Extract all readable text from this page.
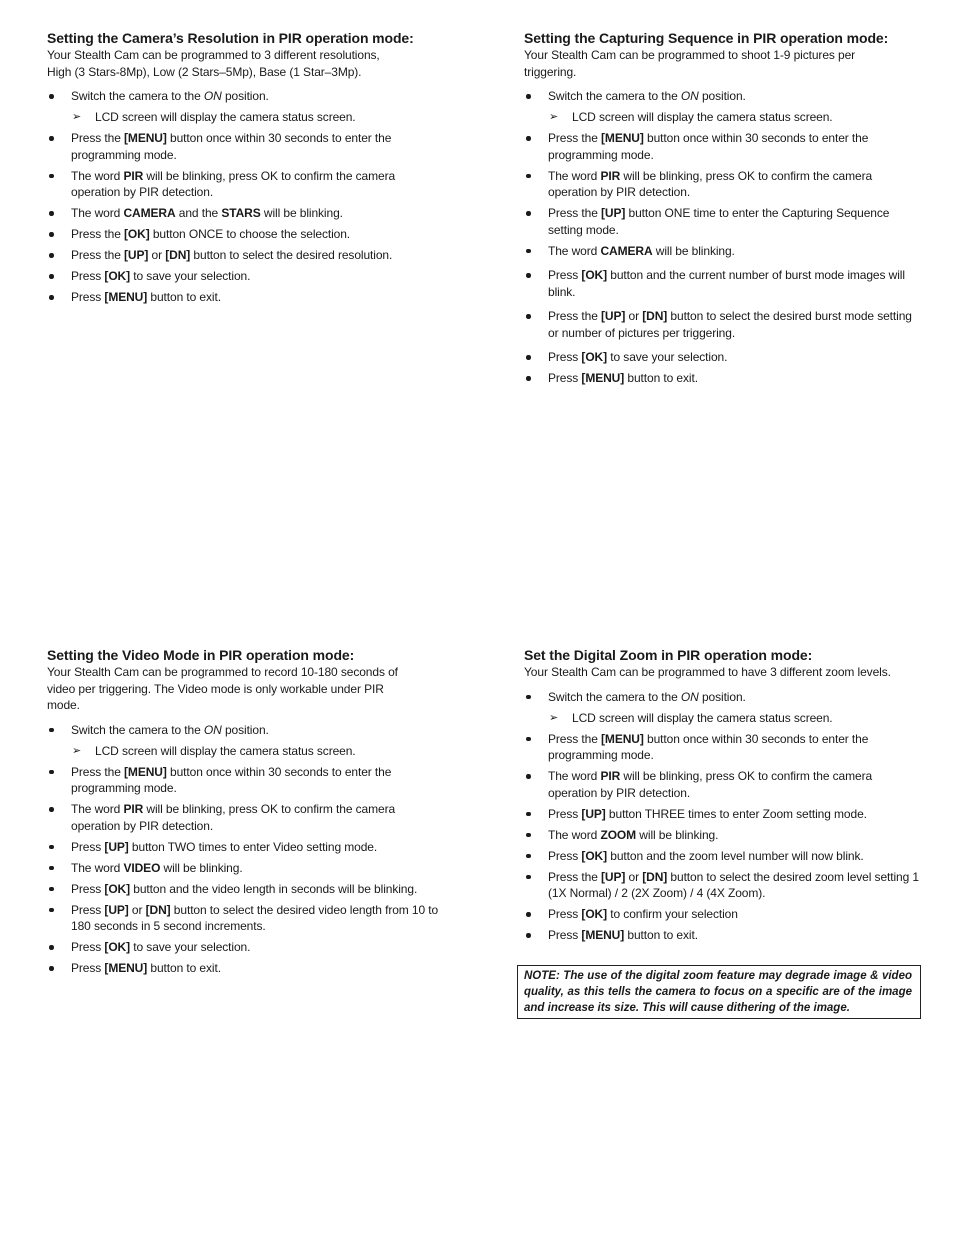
Setting the Camera’s Resolution in PIR operation mode:

Your Stealth Cam can be programmed to 3 different resolutions,
High (3 Stars-8Mp), Low (2 Stars–5Mp), Base (1 Star–3Mp).

Switch the camera to the ON position.
➢ LCD screen will display the camera status screen.
Press the [MENU] button once within 30 seconds to enter the programming mode.
The word PIR will be blinking, press OK to confirm the camera operation by PIR detection.
The word CAMERA and the STARS will be blinking.
Press the [OK] button ONCE to choose the selection.
Press the [UP] or [DN] button to select the desired resolution.
Press [OK] to save your selection.
Press [MENU] button to exit.
Setting the Capturing Sequence in PIR operation mode:

Your Stealth Cam can be programmed to shoot 1-9 pictures per
triggering.

Switch the camera to the ON position.
➢ LCD screen will display the camera status screen.
Press the [MENU] button once within 30 seconds to enter the programming mode.
The word PIR will be blinking, press OK to confirm the camera operation by PIR detection.
Press the [UP] button ONE time to enter the Capturing Sequence setting mode.
The word CAMERA will be blinking.
Press [OK] button and the current number of burst mode images will blink.
Press the [UP] or [DN] button to select the desired burst mode setting or number of pictures per triggering.
Press [OK] to save your selection.
Press [MENU] button to exit.
Setting the Video Mode in PIR operation mode:

Your Stealth Cam can be programmed to record 10-180 seconds of
video per triggering. The Video mode is only workable under PIR
mode.

Switch the camera to the ON position.
➢ LCD screen will display the camera status screen.
Press the [MENU] button once within 30 seconds to enter the programming mode.
The word PIR will be blinking, press OK to confirm the camera operation by PIR detection.
Press [UP] button TWO times to enter Video setting mode.
The word VIDEO will be blinking.
Press [OK] button and the video length in seconds will be blinking.
Press [UP] or [DN] button to select the desired video length from 10 to 180 seconds in 5 second increments.
Press [OK] to save your selection.
Press [MENU] button to exit.
Set the Digital Zoom in PIR operation mode:

Your Stealth Cam can be programmed to have 3 different zoom levels.

Switch the camera to the ON position.
➢ LCD screen will display the camera status screen.
Press the [MENU] button once within 30 seconds to enter the programming mode.
The word PIR will be blinking, press OK to confirm the camera operation by PIR detection.
Press [UP] button THREE times to enter Zoom setting mode.
The word ZOOM will be blinking.
Press [OK] button and the zoom level number will now blink.
Press the [UP] or [DN] button to select the desired zoom level setting 1 (1X Normal) / 2 (2X Zoom) / 4 (4X Zoom).
Press [OK] to confirm your selection
Press [MENU] button to exit.
NOTE: The use of the digital zoom feature may degrade image & video quality, as this tells the camera to focus on a specific are of the image and increase its size. This will cause dithering of the image.
